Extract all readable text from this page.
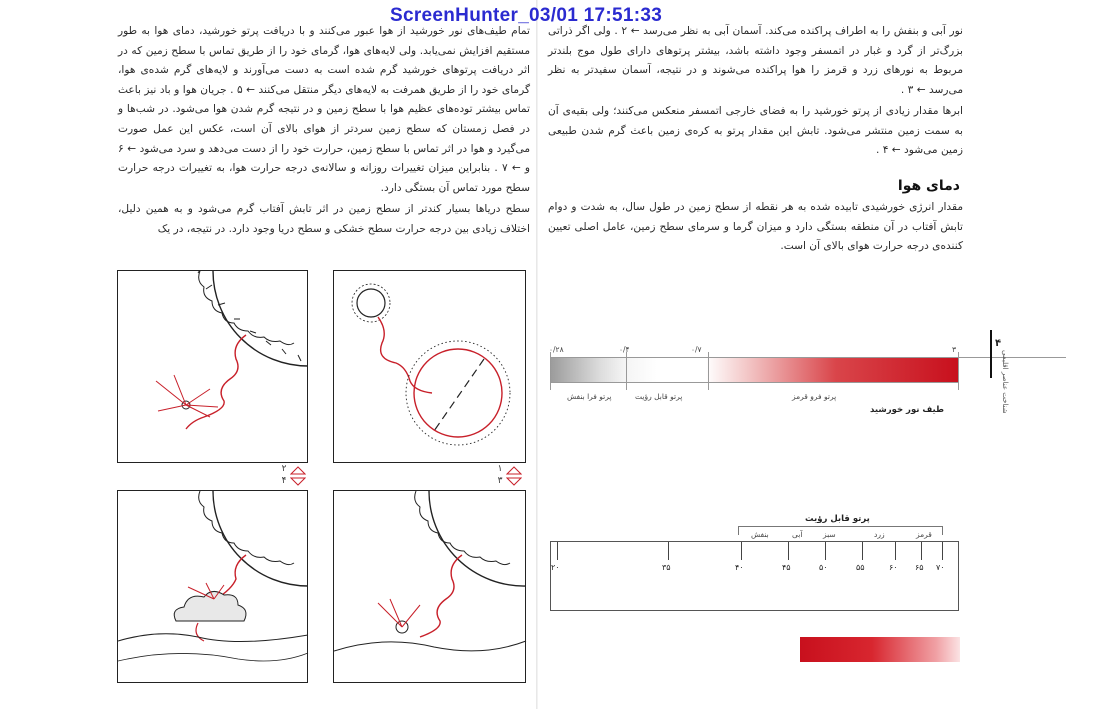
ScreenHunter_03/01 17:51:33
تمام طیف‌های نور خورشید از هوا عبور می‌کنند و با دریافت پرتو خورشید، دمای هوا به طور مستقیم افزایش نمی‌یابد. ولی لایه‌های هوا، گرمای خود را از طریق تماس با سطح زمین که در اثر دریافت پرتوهای خورشید گرم شده است به دست می‌آورند و لایه‌های گرم شده‌ی هوا، گرمای خود را از طریق همرفت به لایه‌های دیگر منتقل می‌کنند ← ۵ . جریان هوا و باد نیز باعث تماس بیشتر توده‌های عظیم هوا با سطح زمین و در نتیجه گرم شدن هوا می‌شود. در شب‌ها و در فصل زمستان که سطح زمین سردتر از هوای بالای آن است، عکس این عمل صورت می‌گیرد و هوا در اثر تماس با سطح زمین، حرارت خود را از دست می‌دهد و سرد می‌شود ← ۶ و ← ۷ . بنابراین میزان تغییرات روزانه و سالانه‌ی درجه حرارت هوا، به تغییرات درجه حرارت سطح مورد تماس آن بستگی دارد.
سطح دریاها بسیار کندتر از سطح زمین در اثر تابش آفتاب گرم می‌شود و به همین دلیل، اختلاف زیادی بین درجه حرارت سطح خشکی و سطح دریا وجود دارد. در نتیجه، در یک
نور آبی و بنفش را به اطراف پراکنده می‌کند. آسمان آبی به نظر می‌رسد ← ۲ . ولی اگر ذراتی بزرگ‌تر از گرد و غبار در اتمسفر وجود داشته باشد، بیشتر پرتوهای دارای طول موج بلندتر مربوط به نورهای زرد و قرمز را هوا پراکنده می‌شوند و در نتیجه، آسمان سفیدتر به نظر می‌رسد ← ۳ .
ابرها مقدار زیادی از پرتو خورشید را به فضای خارجی اتمسفر منعکس می‌کنند؛ ولی بقیه‌ی آن به سمت زمین منتشر می‌شود. تابش این مقدار پرتو به کره‌ی زمین باعث گرم شدن طبیعی زمین می‌شود ← ۴ .
دمای هوا
مقدار انرژی خورشیدی تابیده شده به هر نقطه از سطح زمین در طول سال، به شدت و دوام تابش آفتاب در آن منطقه بستگی دارد و میزان گرما و سرمای سطح زمین، عامل اصلی تعیین کننده‌ی درجه حرارت هوای بالای آن است.
۲
۴
۱
۳
۰/۲۸	۰/۴	۰/۷	۳
پرتو فرا بنفش	پرتو قابل رؤیت	پرتو فرو قرمز
طیف نور خورشید
۴
شناخت عناصر اقلیمی
پرتو قابل رؤیت
قرمز
زرد
سبز
آبی
بنفش
۲۰	۳۵	۴۰	۴۵	۵۰	۵۵	۶۰ ۶۵ ۷۰
